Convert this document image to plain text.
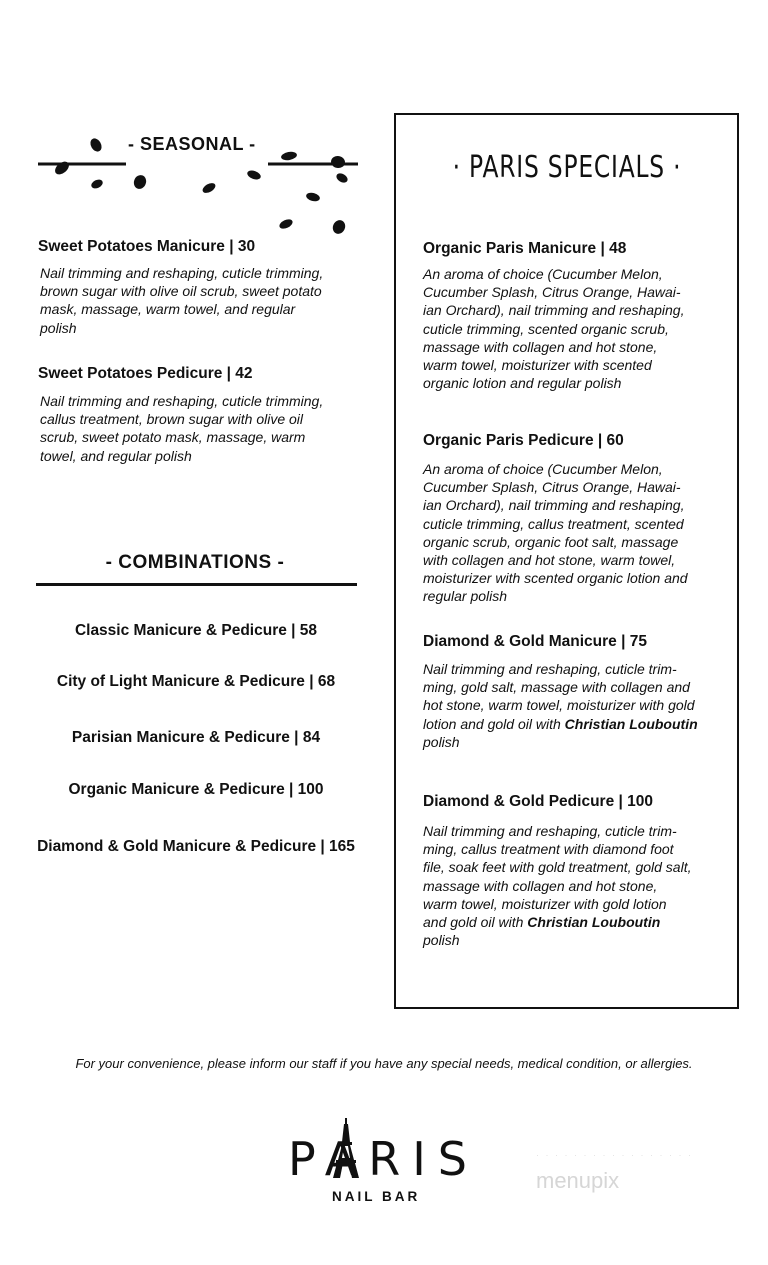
- SEASONAL -
Sweet Potatoes Manicure | 30
Nail trimming and reshaping, cuticle trimming,
brown sugar with olive oil scrub, sweet potato
mask, massage, warm towel, and regular
polish
Sweet Potatoes Pedicure | 42
Nail trimming and reshaping, cuticle trimming,
callus treatment, brown sugar with olive oil
scrub, sweet potato mask, massage, warm
towel, and regular polish
- COMBINATIONS -
Classic Manicure & Pedicure | 58
City of Light Manicure & Pedicure | 68
Parisian Manicure & Pedicure | 84
Organic Manicure & Pedicure | 100
Diamond & Gold Manicure & Pedicure | 165
· PARIS SPECIALS ·
Organic Paris Manicure | 48
An aroma of choice (Cucumber Melon,
Cucumber Splash, Citrus Orange, Hawai-
ian Orchard), nail trimming and reshaping,
cuticle trimming, scented organic scrub,
massage with collagen and hot stone,
warm towel, moisturizer with scented
organic lotion and regular polish
Organic Paris Pedicure | 60
An aroma of choice (Cucumber Melon,
Cucumber Splash, Citrus Orange, Hawai-
ian Orchard), nail trimming and reshaping,
cuticle trimming, callus treatment, scented
organic scrub, organic foot salt, massage
with collagen and hot stone, warm towel,
moisturizer with scented organic lotion and
regular polish
Diamond & Gold Manicure | 75
Nail trimming and reshaping, cuticle trim-
ming, gold salt, massage with collagen and
hot stone, warm towel, moisturizer with gold
lotion and gold oil with Christian Louboutin
polish
Diamond & Gold Pedicure | 100
Nail trimming and reshaping, cuticle trim-
ming, callus treatment with diamond foot
file, soak feet with gold treatment, gold salt,
massage with collagen and hot stone,
warm towel, moisturizer with gold lotion
and gold oil with Christian Louboutin
polish
For your convenience, please inform our staff if you have any special needs, medical condition, or allergies.
PARIS
NAIL BAR
· · · · · · · · · · · · · · · · ·
menupix
